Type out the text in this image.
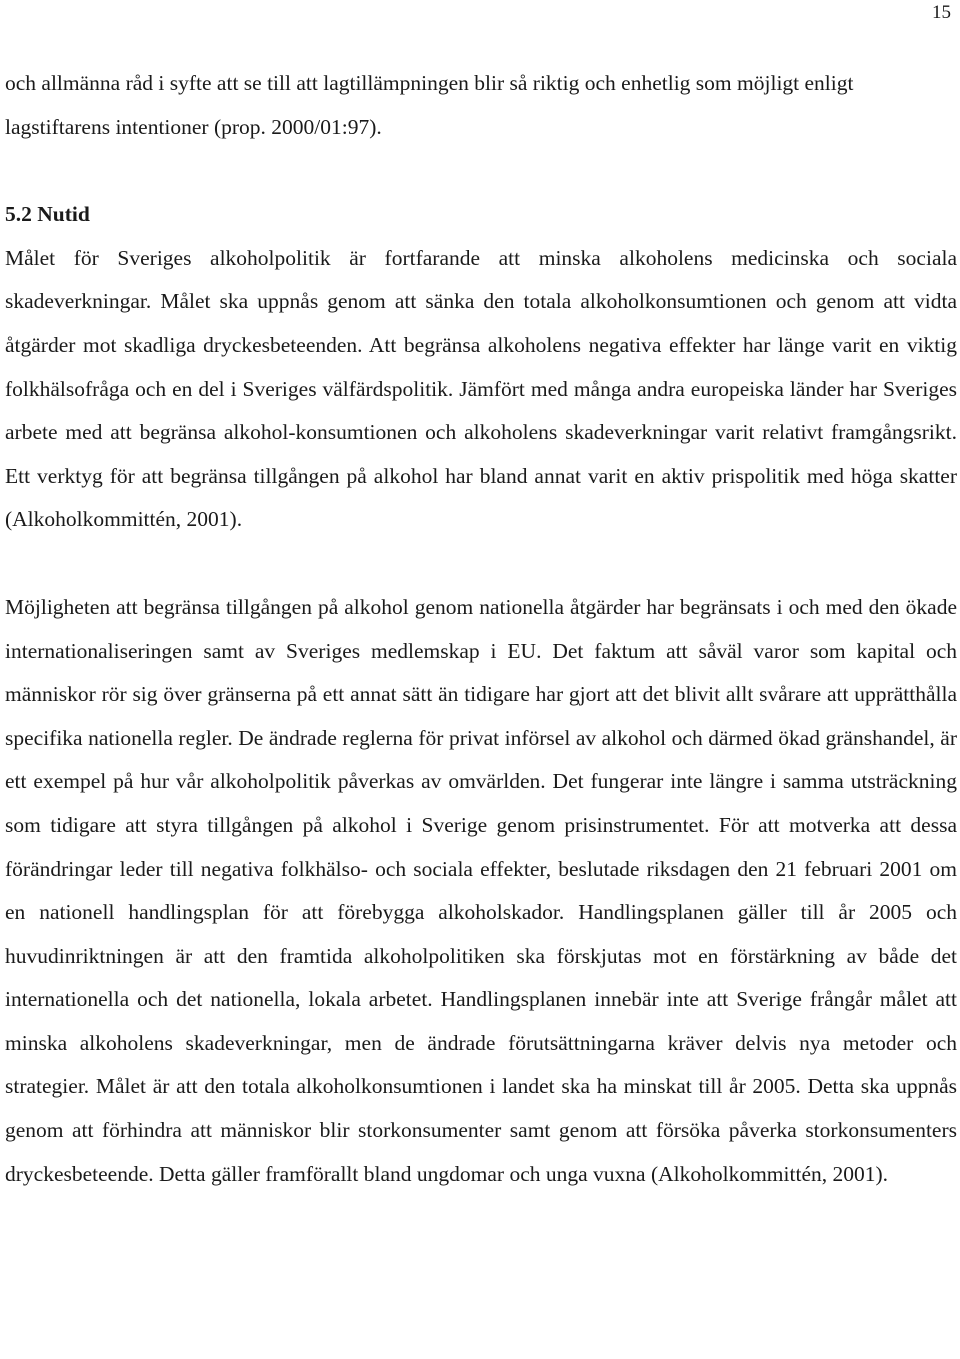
15

och allmänna råd i syfte att se till att lagtillämpningen blir så riktig och enhetlig som möjligt enligt lagstiftarens intentioner (prop. 2000/01:97).

5.2 Nutid

Målet för Sveriges alkoholpolitik är fortfarande att minska alkoholens medicinska och sociala skadeverkningar. Målet ska uppnås genom att sänka den totala alkoholkonsumtionen och genom att vidta åtgärder mot skadliga dryckesbeteenden. Att begränsa alkoholens negativa effekter har länge varit en viktig folkhälsofråga och en del i Sveriges välfärdspolitik. Jämfört med många andra europeiska länder har Sveriges arbete med att begränsa alkohol-konsumtionen och alkoholens skadeverkningar varit relativt framgångsrikt. Ett verktyg för att begränsa tillgången på alkohol har bland annat varit en aktiv prispolitik med höga skatter (Alkoholkommittén, 2001).

Möjligheten att begränsa tillgången på alkohol genom nationella åtgärder har begränsats i och med den ökade internationaliseringen samt av Sveriges medlemskap i EU. Det faktum att såväl varor som kapital och människor rör sig över gränserna på ett annat sätt än tidigare har gjort att det blivit allt svårare att upprätthålla specifika nationella regler. De ändrade reglerna för privat införsel av alkohol och därmed ökad gränshandel, är ett exempel på hur vår alkoholpolitik påverkas av omvärlden. Det fungerar inte längre i samma utsträckning som tidigare att styra tillgången på alkohol i Sverige genom prisinstrumentet. För att motverka att dessa förändringar leder till negativa folkhälso- och sociala effekter, beslutade riksdagen den 21 februari 2001 om en nationell handlingsplan för att förebygga alkoholskador. Handlingsplanen gäller till år 2005 och huvudinriktningen är att den framtida alkoholpolitiken ska förskjutas mot en förstärkning av både det internationella och det nationella, lokala arbetet. Handlingsplanen innebär inte att Sverige frångår målet att minska alkoholens skadeverkningar, men de ändrade förutsättningarna kräver delvis nya metoder och strategier. Målet är att den totala alkoholkonsumtionen i landet ska ha minskat till år 2005. Detta ska uppnås genom att förhindra att människor blir storkonsumenter samt genom att försöka påverka storkonsumenters dryckesbeteende. Detta gäller framförallt bland ungdomar och unga vuxna (Alkoholkommittén, 2001).
